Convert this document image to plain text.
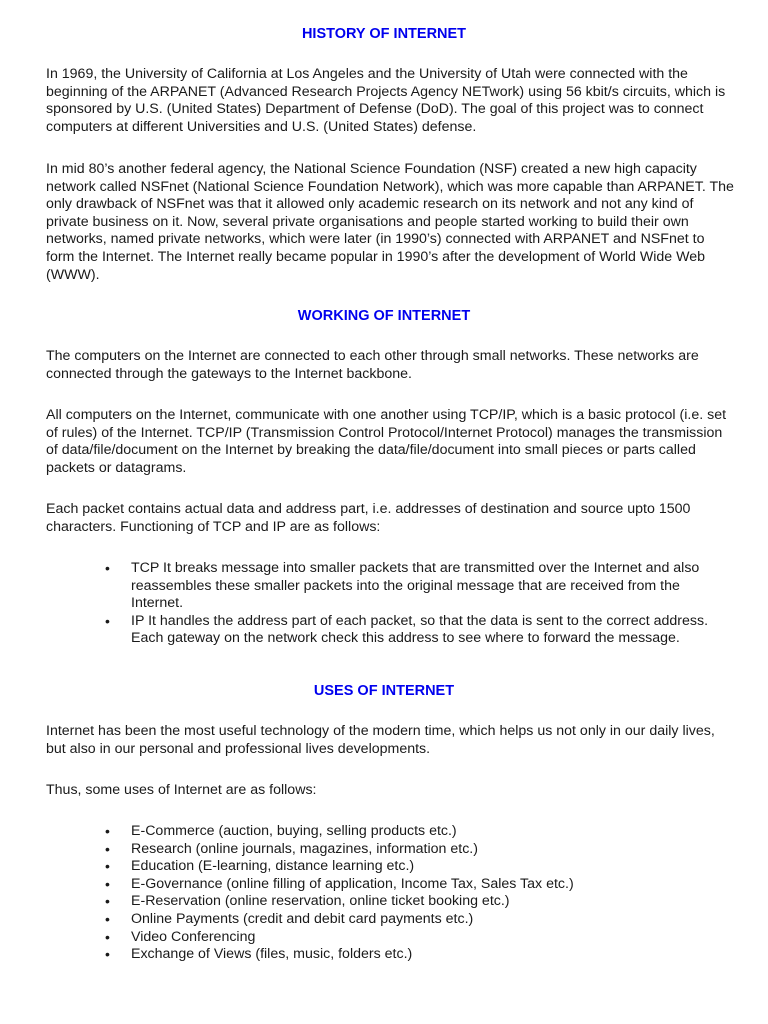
HISTORY OF INTERNET

In 1969, the University of California at Los Angeles and the University of Utah were connected with the beginning of the ARPANET (Advanced Research Projects Agency NETwork) using 56 kbit/s circuits, which is sponsored by U.S. (United States) Department of Defense (DoD). The goal of this project was to connect computers at different Universities and U.S. (United States) defense.

In mid 80’s another federal agency, the National Science Foundation (NSF) created a new high capacity network called NSFnet (National Science Foundation Network), which was more capable than ARPANET. The only drawback of NSFnet was that it allowed only academic research on its network and not any kind of private business on it. Now, several private organisations and people started working to build their own networks, named private networks, which were later (in 1990’s) connected with ARPANET and NSFnet to form the Internet. The Internet really became popular in 1990’s after the development of World Wide Web (WWW).

WORKING OF INTERNET

The computers on the Internet are connected to each other through small networks. These networks are connected through the gateways to the Internet backbone.

All computers on the Internet, communicate with one another using TCP/IP, which is a basic protocol (i.e. set of rules) of the Internet. TCP/IP (Transmission Control Protocol/Internet Protocol) manages the transmission of data/file/document on the Internet by breaking the data/file/document into small pieces or parts called packets or datagrams.

Each packet contains actual data and address part, i.e. addresses of destination and source upto 1500 characters. Functioning of TCP and IP are as follows:

• TCP It breaks message into smaller packets that are transmitted over the Internet and also reassembles these smaller packets into the original message that are received from the Internet.
• IP It handles the address part of each packet, so that the data is sent to the correct address. Each gateway on the network check this address to see where to forward the message.
USES OF INTERNET

Internet has been the most useful technology of the modern time, which helps us not only in our daily lives, but also in our personal and professional lives developments.

Thus, some uses of Internet are as follows:

• E-Commerce (auction, buying, selling products etc.)
• Research (online journals, magazines, information etc.)
• Education (E-learning, distance learning etc.)
• E-Governance (online filling of application, Income Tax, Sales Tax etc.)
• E-Reservation (online reservation, online ticket booking etc.)
• Online Payments (credit and debit card payments etc.)
• Video Conferencing
• Exchange of Views (files, music, folders etc.)
